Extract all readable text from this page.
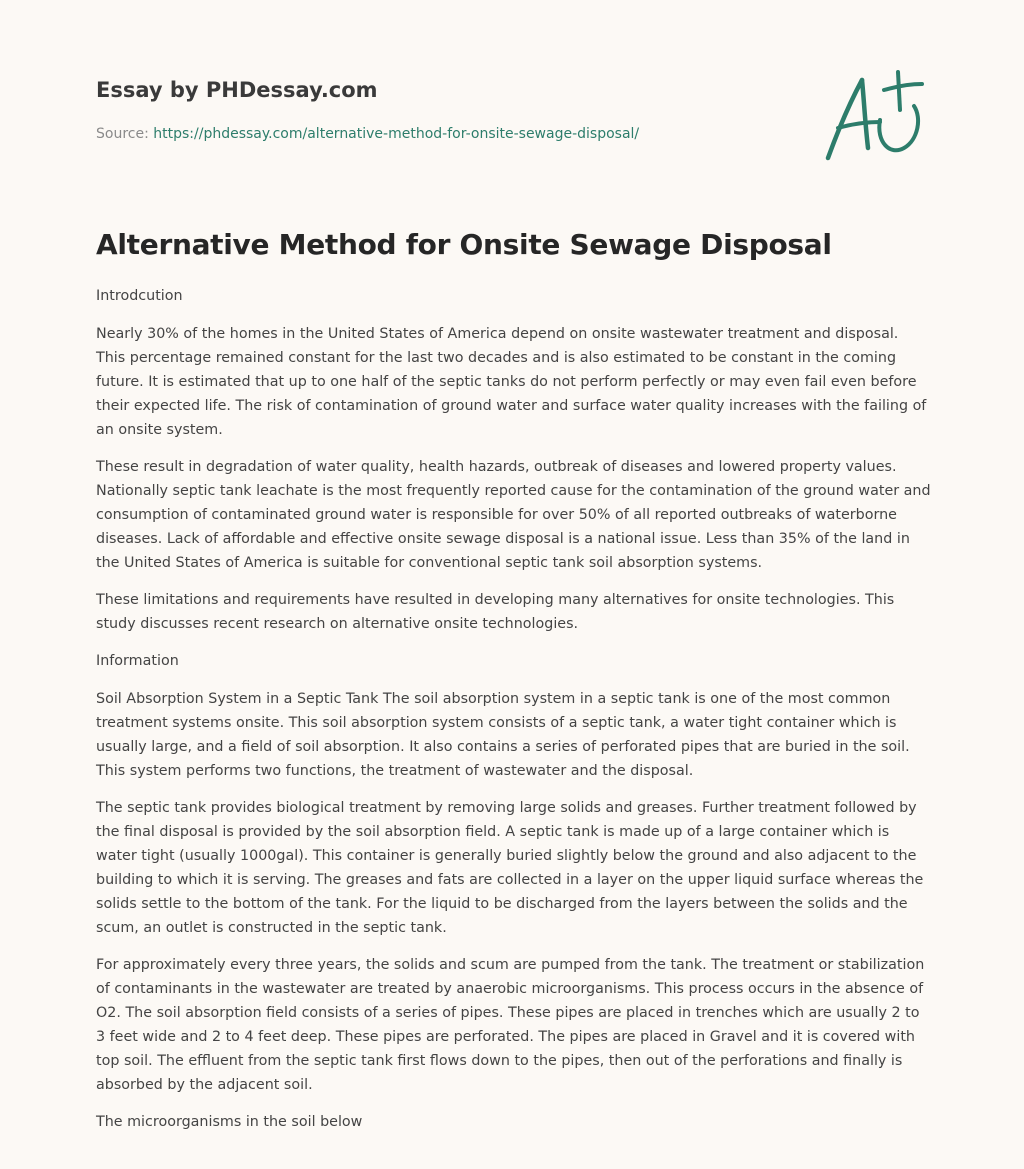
Essay by PHDessay.com
Source: https://phdessay.com/alternative-method-for-onsite-sewage-disposal/
Alternative Method for Onsite Sewage Disposal

Introdcution

Nearly 30% of the homes in the United States of America depend on onsite wastewater treatment and disposal. This percentage remained constant for the last two decades and is also estimated to be constant in the coming future. It is estimated that up to one half of the septic tanks do not perform perfectly or may even fail even before their expected life. The risk of contamination of ground water and surface water quality increases with the failing of an onsite system.

These result in degradation of water quality, health hazards, outbreak of diseases and lowered property values. Nationally septic tank leachate is the most frequently reported cause for the contamination of the ground water and consumption of contaminated ground water is responsible for over 50% of all reported outbreaks of waterborne diseases. Lack of affordable and effective onsite sewage disposal is a national issue. Less than 35% of the land in the United States of America is suitable for conventional septic tank soil absorption systems.

These limitations and requirements have resulted in developing many alternatives for onsite technologies. This study discusses recent research on alternative onsite technologies.

Information

Soil Absorption System in a Septic Tank The soil absorption system in a septic tank is one of the most common treatment systems onsite. This soil absorption system consists of a septic tank, a water tight container which is usually large, and a field of soil absorption. It also contains a series of perforated pipes that are buried in the soil. This system performs two functions, the treatment of wastewater and the disposal.

The septic tank provides biological treatment by removing large solids and greases. Further treatment followed by the final disposal is provided by the soil absorption field. A septic tank is made up of a large container which is water tight (usually 1000gal). This container is generally buried slightly below the ground and also adjacent to the building to which it is serving. The greases and fats are collected in a layer on the upper liquid surface whereas the solids settle to the bottom of the tank. For the liquid to be discharged from the layers between the solids and the scum, an outlet is constructed in the septic tank.

For approximately every three years, the solids and scum are pumped from the tank. The treatment or stabilization of contaminants in the wastewater are treated by anaerobic microorganisms. This process occurs in the absence of O2. The soil absorption field consists of a series of pipes. These pipes are placed in trenches which are usually 2 to 3 feet wide and 2 to 4 feet deep. These pipes are perforated. The pipes are placed in Gravel and it is covered with top soil. The effluent from the septic tank first flows down to the pipes, then out of the perforations and finally is absorbed by the adjacent soil.

The microorganisms in the soil below
